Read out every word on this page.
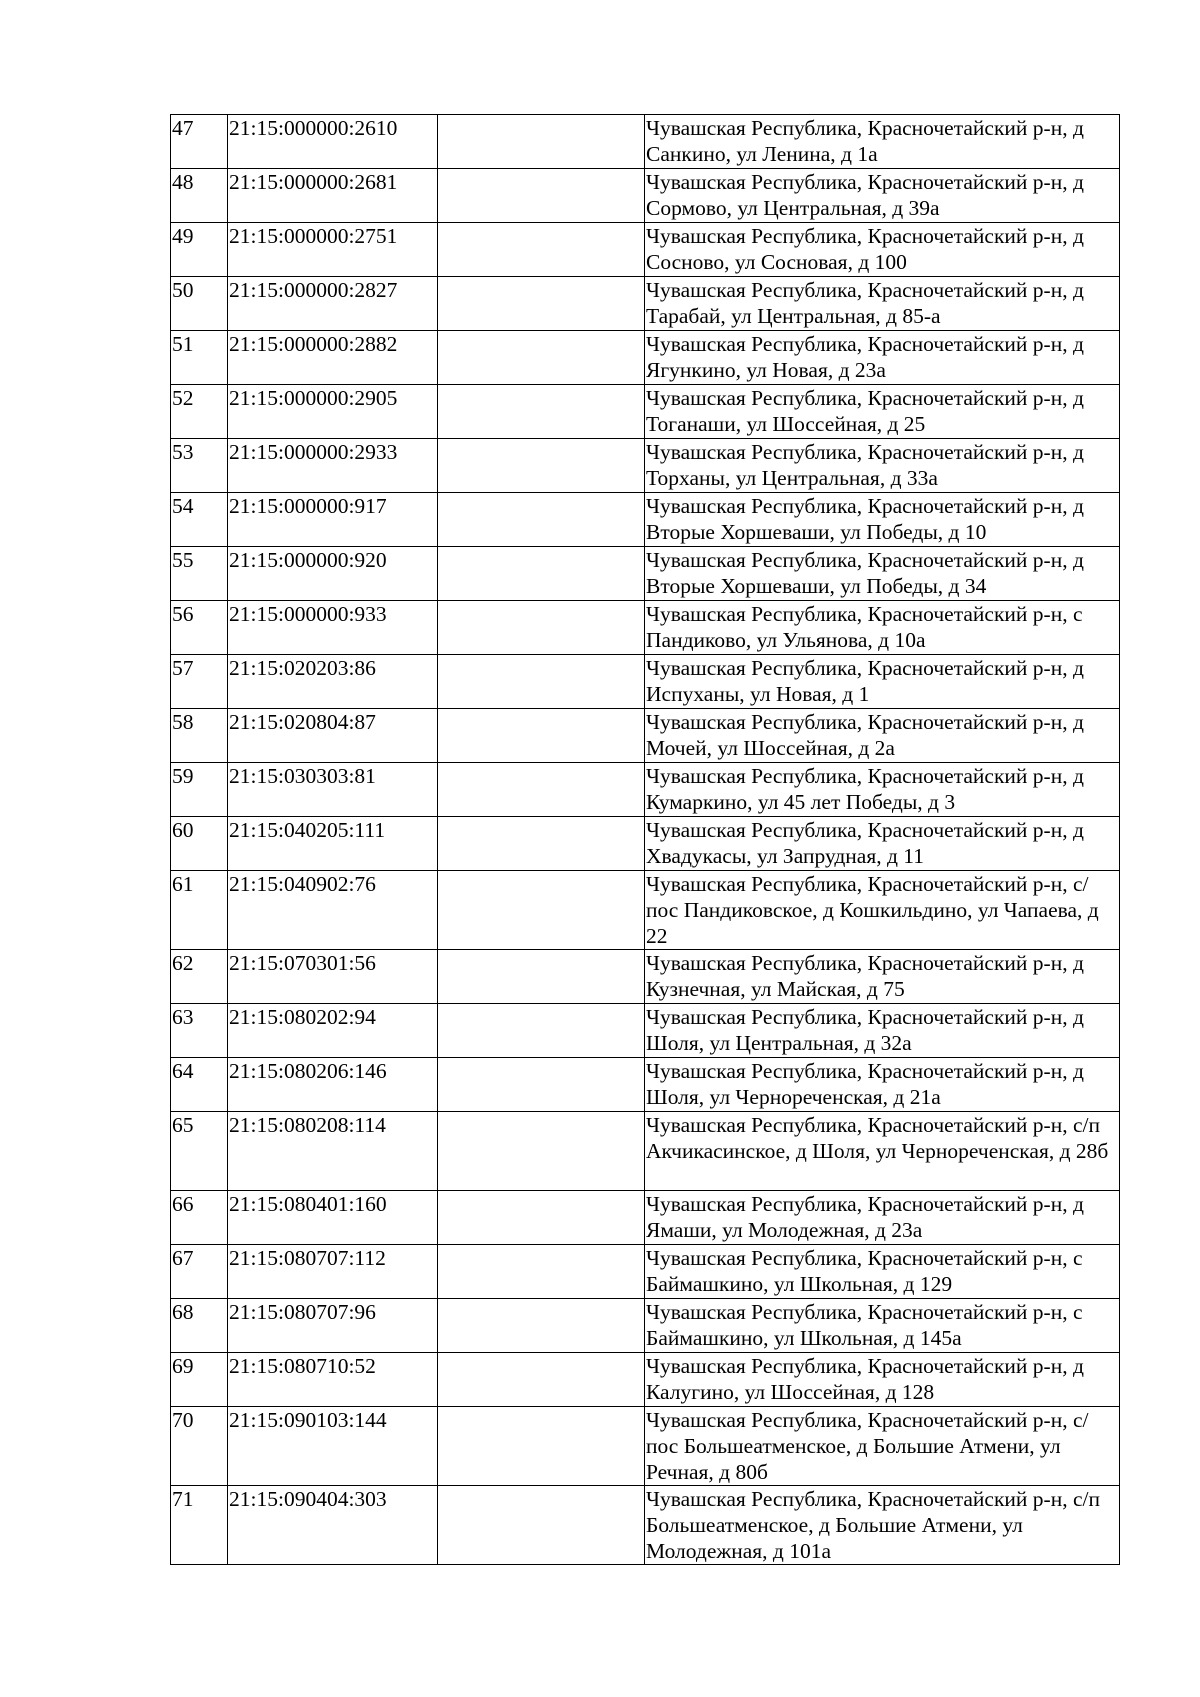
47	21:15:000000:2610		Чувашская Республика, Красночетайский р-н, д Санкино, ул Ленина, д 1а
48	21:15:000000:2681		Чувашская Республика, Красночетайский р-н, д Сормово, ул Центральная, д 39а
49	21:15:000000:2751		Чувашская Республика, Красночетайский р-н, д Сосново, ул Сосновая, д 100
50	21:15:000000:2827		Чувашская Республика, Красночетайский р-н, д Тарабай, ул Центральная, д 85-а
51	21:15:000000:2882		Чувашская Республика, Красночетайский р-н, д Ягункино, ул Новая, д 23а
52	21:15:000000:2905		Чувашская Республика, Красночетайский р-н, д Тоганаши, ул Шоссейная, д 25
53	21:15:000000:2933		Чувашская Республика, Красночетайский р-н, д Торханы, ул Центральная, д 33а
54	21:15:000000:917		Чувашская Республика, Красночетайский р-н, д Вторые Хоршеваши, ул Победы, д 10
55	21:15:000000:920		Чувашская Республика, Красночетайский р-н, д Вторые Хоршеваши, ул Победы, д 34
56	21:15:000000:933		Чувашская Республика, Красночетайский р-н, с Пандиково, ул Ульянова, д 10а
57	21:15:020203:86		Чувашская Республика, Красночетайский р-н, д Испуханы, ул Новая, д 1
58	21:15:020804:87		Чувашская Республика, Красночетайский р-н, д Мочей, ул Шоссейная, д 2а
59	21:15:030303:81		Чувашская Республика, Красночетайский р-н, д Кумаркино, ул 45 лет Победы, д 3
60	21:15:040205:111		Чувашская Республика, Красночетайский р-н, д Хвадукасы, ул Запрудная, д 11
61	21:15:040902:76		Чувашская Республика, Красночетайский р-н, с/пос Пандиковское, д Кошкильдино, ул Чапаева, д 22
62	21:15:070301:56		Чувашская Республика, Красночетайский р-н, д Кузнечная, ул Майская, д 75
63	21:15:080202:94		Чувашская Республика, Красночетайский р-н, д Шоля, ул Центральная, д 32а
64	21:15:080206:146		Чувашская Республика, Красночетайский р-н, д Шоля, ул Чернореченская, д 21а
65	21:15:080208:114		Чувашская Республика, Красночетайский р-н, с/п Акчикасинское, д Шоля, ул Чернореченская, д 28б
66	21:15:080401:160		Чувашская Республика, Красночетайский р-н, д Ямаши, ул Молодежная, д 23а
67	21:15:080707:112		Чувашская Республика, Красночетайский р-н, с Баймашкино, ул Школьная, д 129
68	21:15:080707:96		Чувашская Республика, Красночетайский р-н, с Баймашкино, ул Школьная, д 145а
69	21:15:080710:52		Чувашская Республика, Красночетайский р-н, д Калугино, ул Шоссейная, д 128
70	21:15:090103:144		Чувашская Республика, Красночетайский р-н, с/пос Большеатменское, д Большие Атмени, ул Речная, д 80б
71	21:15:090404:303		Чувашская Республика, Красночетайский р-н, с/п Большеатменское, д Большие Атмени, ул Молодежная, д 101а
